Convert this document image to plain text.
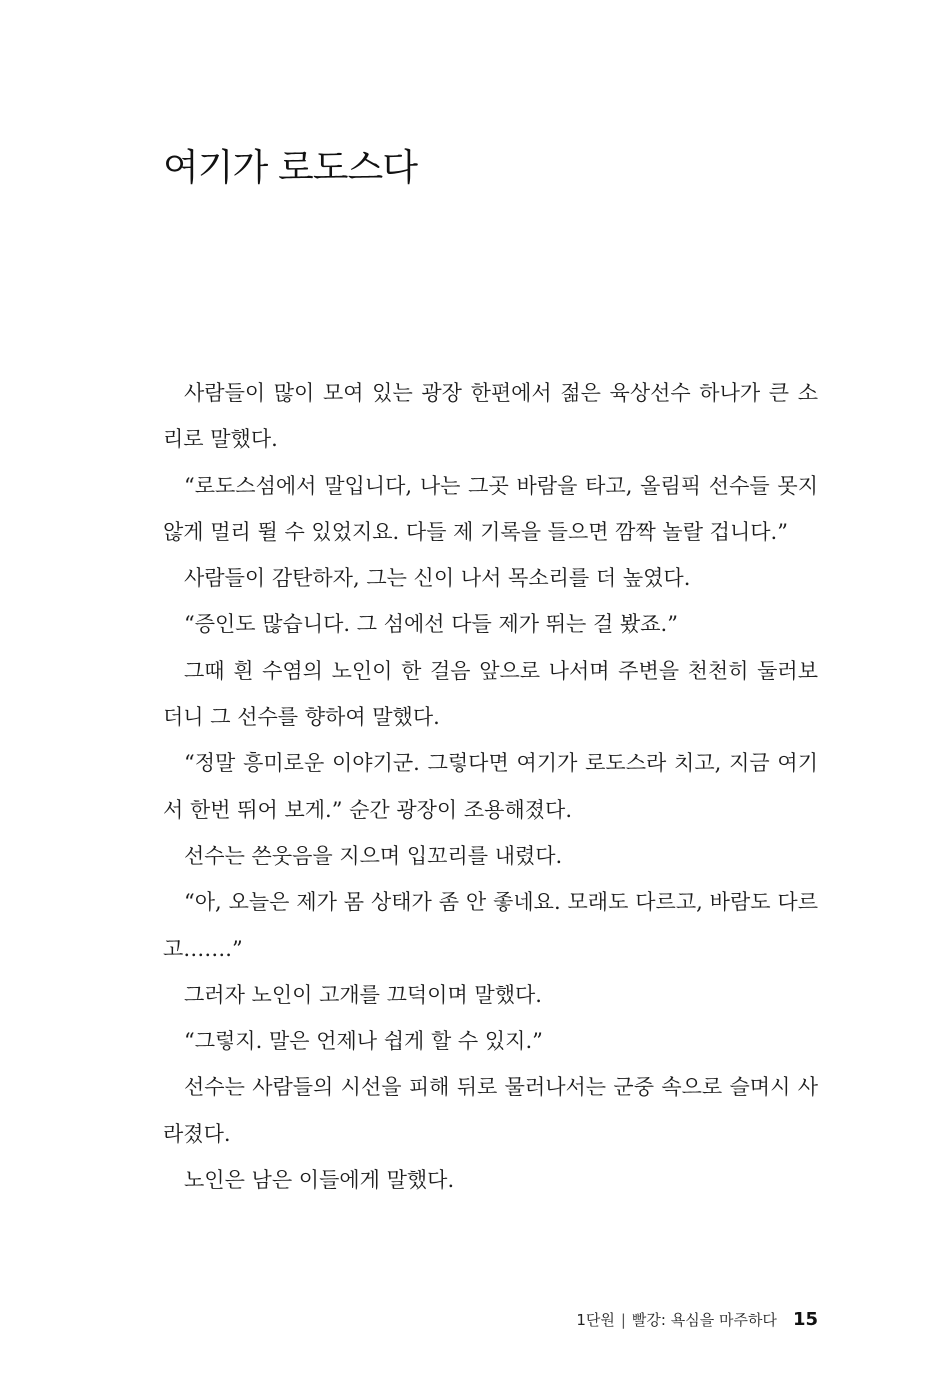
여기가 로도스다

사람들이 많이 모여 있는 광장 한편에서 젊은 육상선수 하나가 큰 소리로 말했다.

“로도스섬에서 말입니다, 나는 그곳 바람을 타고, 올림픽 선수들 못지않게 멀리 뛸 수 있었지요. 다들 제 기록을 들으면 깜짝 놀랄 겁니다.”

사람들이 감탄하자, 그는 신이 나서 목소리를 더 높였다.

“증인도 많습니다. 그 섬에선 다들 제가 뛰는 걸 봤죠.”

그때 흰 수염의 노인이 한 걸음 앞으로 나서며 주변을 천천히 둘러보더니 그 선수를 향하여 말했다.

“정말 흥미로운 이야기군. 그렇다면 여기가 로도스라 치고, 지금 여기서 한번 뛰어 보게.” 순간 광장이 조용해졌다.

선수는 쓴웃음을 지으며 입꼬리를 내렸다.

“아, 오늘은 제가 몸 상태가 좀 안 좋네요. 모래도 다르고, 바람도 다르고…….”

그러자 노인이 고개를 끄덕이며 말했다.

“그렇지. 말은 언제나 쉽게 할 수 있지.”

선수는 사람들의 시선을 피해 뒤로 물러나서는 군중 속으로 슬며시 사라졌다.

노인은 남은 이들에게 말했다.

1단원 | 빨강: 욕심을 마주하다 15
